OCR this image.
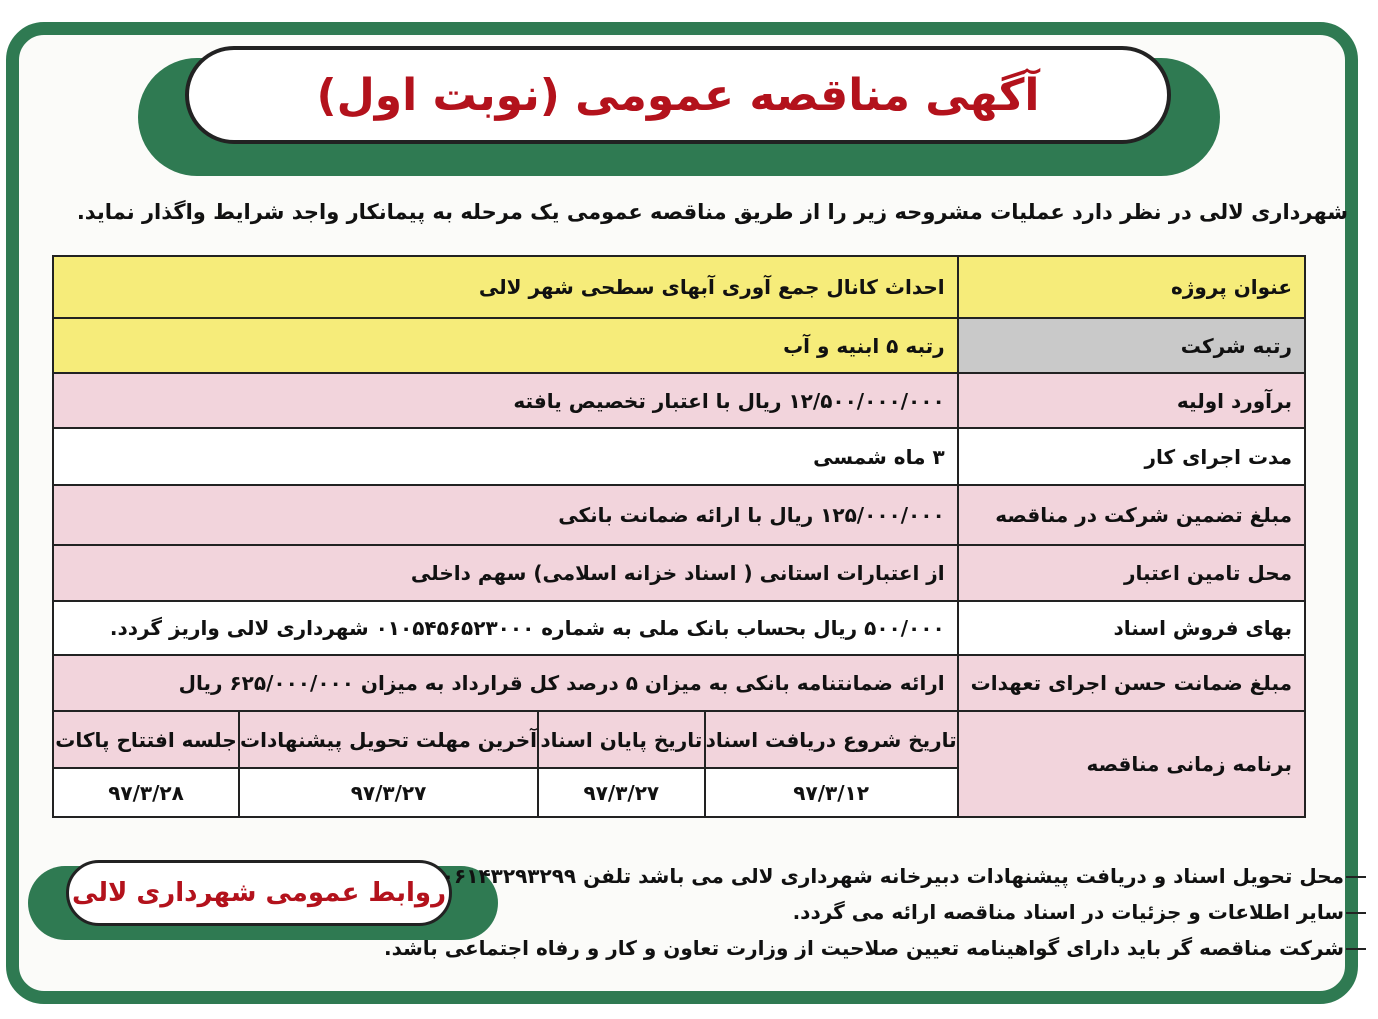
آگهی مناقصه عمومی (نوبت اول)
شهرداری لالی در نظر دارد عملیات مشروحه زیر را از طریق مناقصه عمومی یک مرحله به پیمانکار واجد شرایط واگذار نماید.
عنوان پروژه	احداث کانال جمع آوری آبهای سطحی شهر لالی
رتبه شرکت	رتبه ۵ ابنیه و آب
برآورد اولیه	۱۲/۵۰۰/۰۰۰/۰۰۰ ریال با اعتبار تخصیص یافته
مدت اجرای کار	۳ ماه شمسی
مبلغ تضمین شرکت در مناقصه	۱۲۵/۰۰۰/۰۰۰ ریال با ارائه ضمانت بانکی
محل تامین اعتبار	از اعتبارات استانی ( اسناد خزانه اسلامی) سهم داخلی
بهای فروش اسناد	۵۰۰/۰۰۰ ریال بحساب بانک ملی به شماره ۰۱۰۵۴۵۶۵۲۳۰۰۰ شهرداری لالی واریز گردد.
مبلغ ضمانت حسن اجرای تعهدات	ارائه ضمانتنامه بانکی به میزان ۵ درصد کل قرارداد به میزان ۶۲۵/۰۰۰/۰۰۰ ریال
برنامه زمانی مناقصه	
تاریخ شروع دریافت اسناد	تاریخ پایان اسناد	آخرین مهلت تحویل پیشنهادات	جلسه افتتاح پاکات
۹۷/۳/۱۲	۹۷/۳/۲۷	۹۷/۳/۲۷	۹۷/۳/۲۸
روابط عمومی شهرداری لالی
محل تحویل اسناد و دریافت پیشنهادات دبیرخانه شهرداری لالی می باشد تلفن ۰۶۱۴۳۲۹۳۲۹۹
سایر اطلاعات و جزئیات در اسناد مناقصه ارائه می گردد.
شرکت مناقصه گر باید دارای گواهینامه تعیین صلاحیت از وزارت تعاون و کار و رفاه اجتماعی باشد.
